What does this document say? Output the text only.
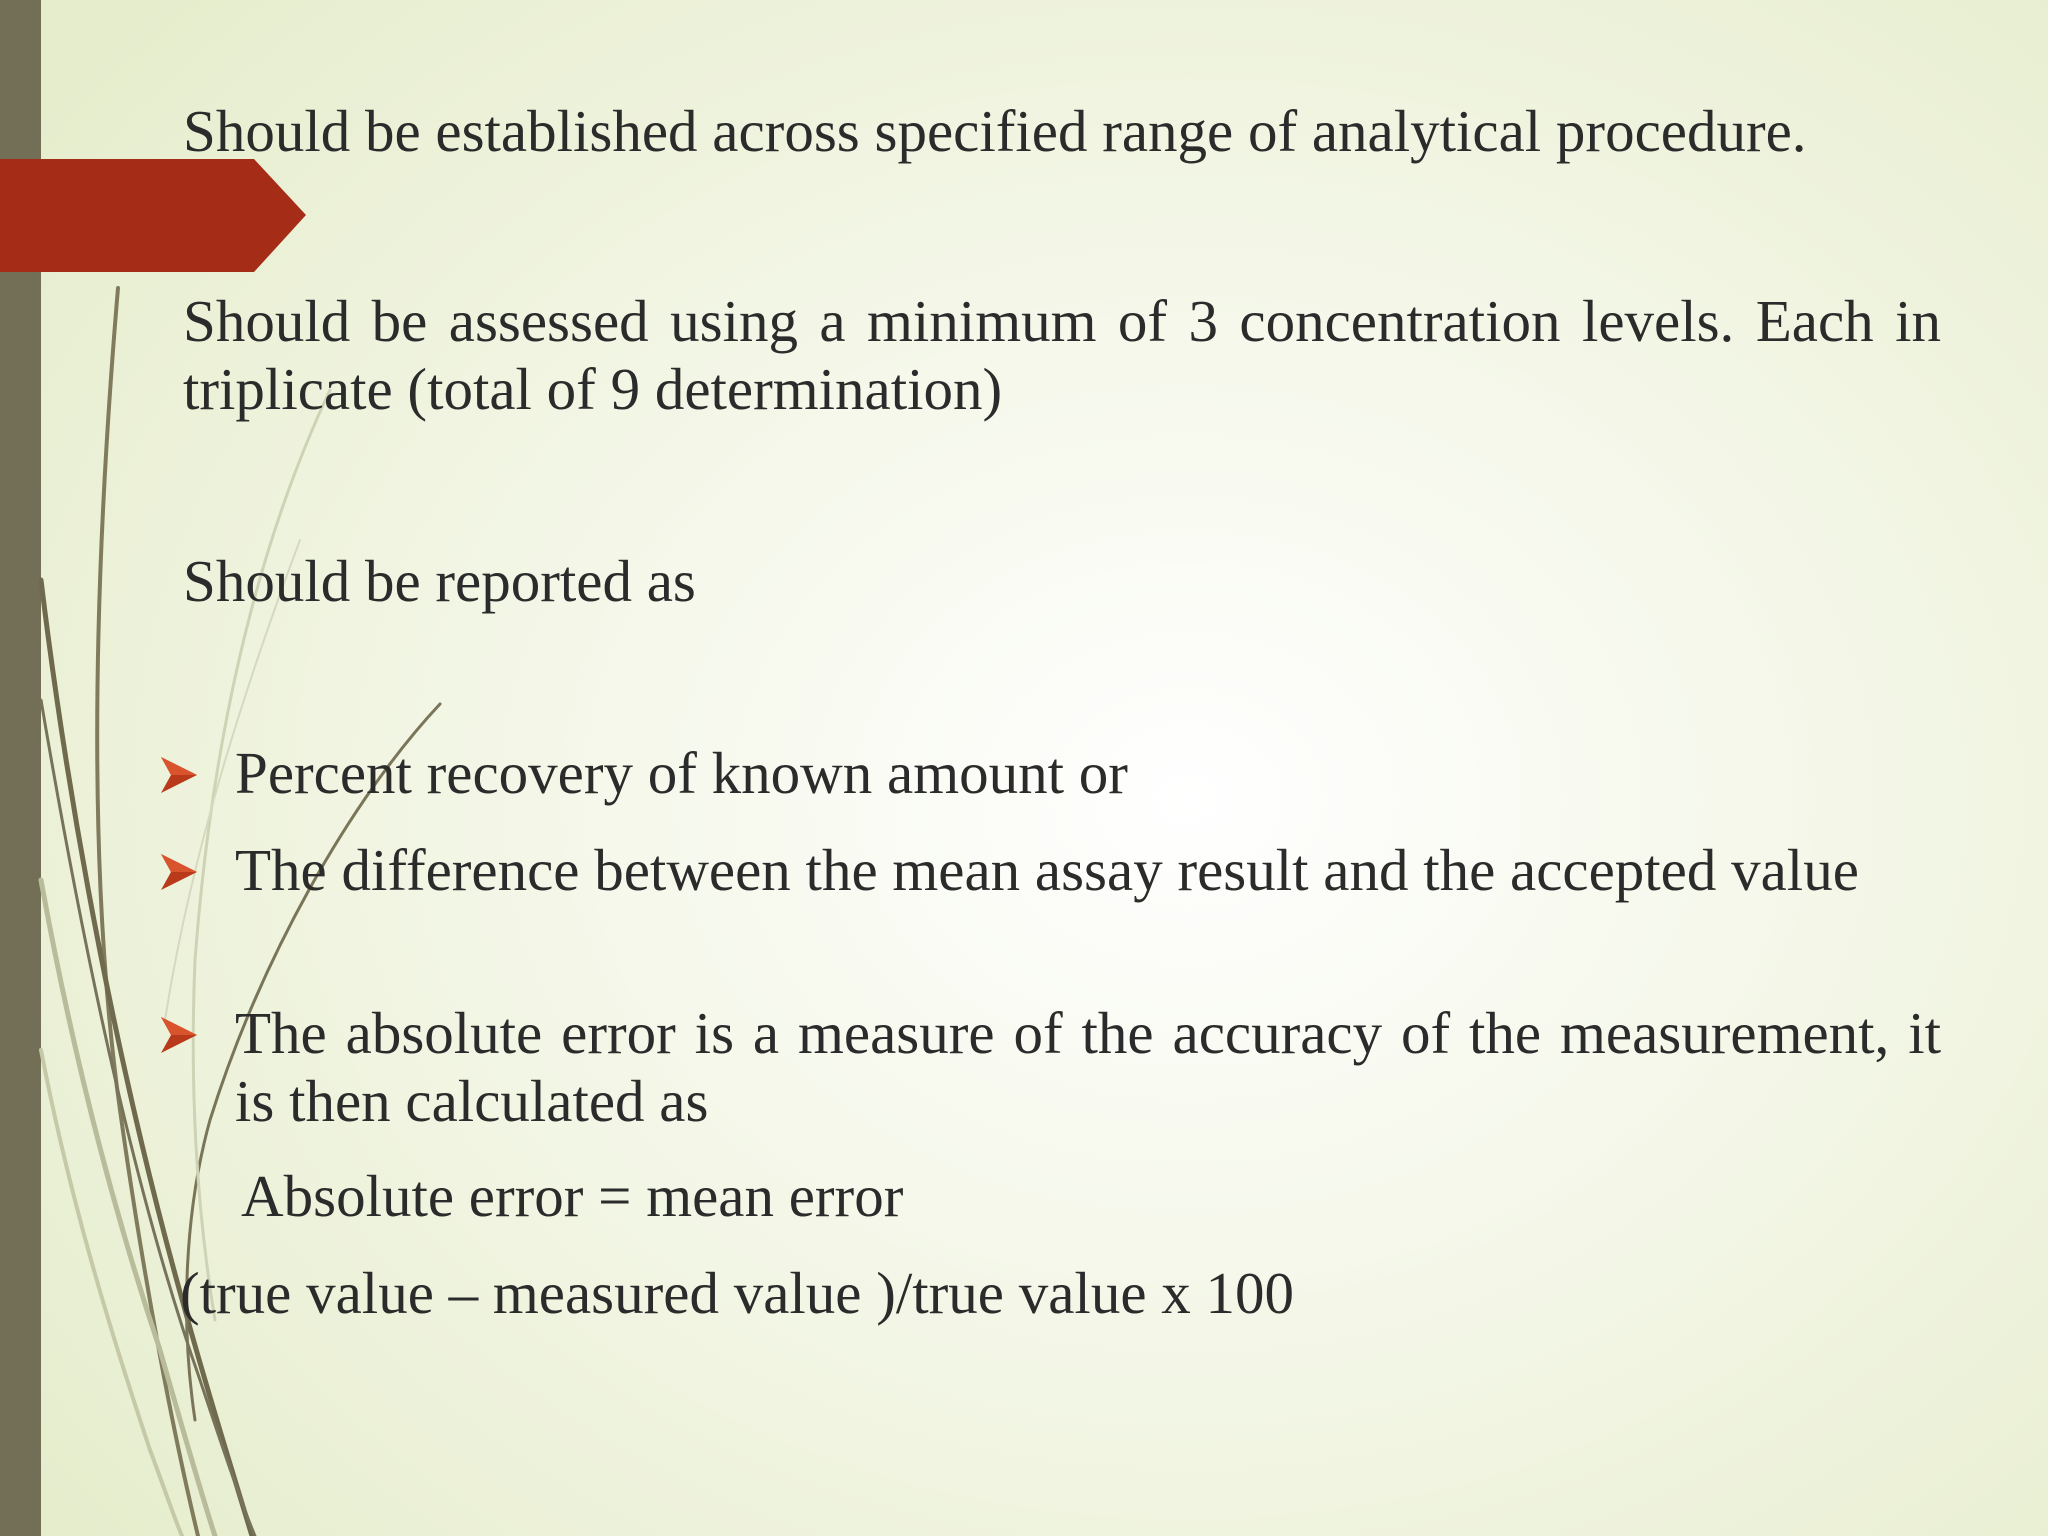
Should be established across specified range of analytical procedure.

Should be assessed using a minimum of 3 concentration levels. Each in triplicate (total of 9 determination)

Should be reported as

Percent recovery of known amount or
The difference between the mean assay result and the accepted value
The absolute error is a measure of the accuracy of the measurement, it is then calculated as
Absolute error = mean error
(true value – measured value )/true value x 100
